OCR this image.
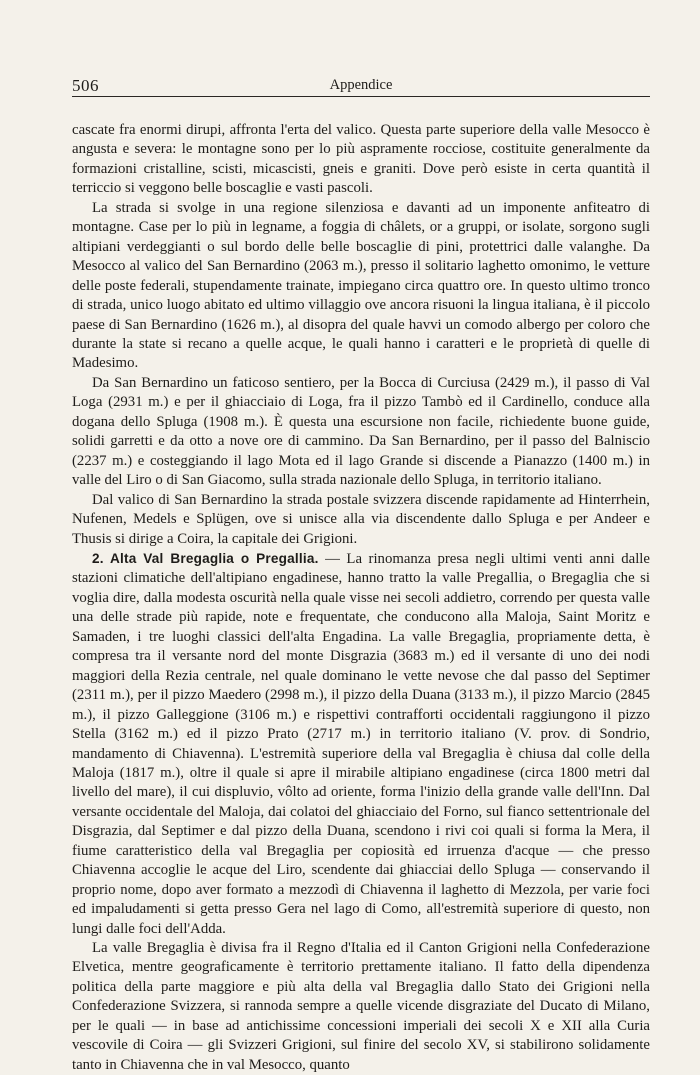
506	Appendice

cascate fra enormi dirupi, affronta l'erta del valico. Questa parte superiore della valle Mesocco è angusta e severa: le montagne sono per lo più aspramente rocciose, costituite generalmente da formazioni cristalline, scisti, micascisti, gneis e graniti. Dove però esiste in certa quantità il terriccio si veggono belle boscaglie e vasti pascoli.

La strada si svolge in una regione silenziosa e davanti ad un imponente anfiteatro di montagne. Case per lo più in legname, a foggia di châlets, or a gruppi, or isolate, sorgono sugli altipiani verdeggianti o sul bordo delle belle boscaglie di pini, protettrici dalle valanghe. Da Mesocco al valico del San Bernardino (2063 m.), presso il solitario laghetto omonimo, le vetture delle poste federali, stupendamente trainate, impiegano circa quattro ore. In questo ultimo tronco di strada, unico luogo abitato ed ultimo villaggio ove ancora risuoni la lingua italiana, è il piccolo paese di San Bernardino (1626 m.), al disopra del quale havvi un comodo albergo per coloro che durante la state si recano a quelle acque, le quali hanno i caratteri e le proprietà di quelle di Madesimo.

Da San Bernardino un faticoso sentiero, per la Bocca di Curciusa (2429 m.), il passo di Val Loga (2931 m.) e per il ghiacciaio di Loga, fra il pizzo Tambò ed il Cardinello, conduce alla dogana dello Spluga (1908 m.). È questa una escursione non facile, richiedente buone guide, solidi garretti e da otto a nove ore di cammino. Da San Bernardino, per il passo del Balniscio (2237 m.) e costeggiando il lago Mota ed il lago Grande si discende a Pianazzo (1400 m.) in valle del Liro o di San Giacomo, sulla strada nazionale dello Spluga, in territorio italiano.

Dal valico di San Bernardino la strada postale svizzera discende rapidamente ad Hinterrhein, Nufenen, Medels e Splügen, ove si unisce alla via discendente dallo Spluga e per Andeer e Thusis si dirige a Coira, la capitale dei Grigioni.

2. Alta Val Bregaglia o Pregallia. — La rinomanza presa negli ultimi venti anni dalle stazioni climatiche dell'altipiano engadinese, hanno tratto la valle Pregallia, o Bregaglia che si voglia dire, dalla modesta oscurità nella quale visse nei secoli addietro, correndo per questa valle una delle strade più rapide, note e frequentate, che conducono alla Maloja, Saint Moritz e Samaden, i tre luoghi classici dell'alta Engadina. La valle Bregaglia, propriamente detta, è compresa tra il versante nord del monte Disgrazia (3683 m.) ed il versante di uno dei nodi maggiori della Rezia centrale, nel quale dominano le vette nevose che dal passo del Septimer (2311 m.), per il pizzo Maedero (2998 m.), il pizzo della Duana (3133 m.), il pizzo Marcio (2845 m.), il pizzo Galleggione (3106 m.) e rispettivi contrafforti occidentali raggiungono il pizzo Stella (3162 m.) ed il pizzo Prato (2717 m.) in territorio italiano (V. prov. di Sondrio, mandamento di Chiavenna). L'estremità superiore della val Bregaglia è chiusa dal colle della Maloja (1817 m.), oltre il quale si apre il mirabile altipiano engadinese (circa 1800 metri dal livello del mare), il cui displuvio, vôlto ad oriente, forma l'inizio della grande valle dell'Inn. Dal versante occidentale del Maloja, dai colatoi del ghiacciaio del Forno, sul fianco settentrionale del Disgrazia, dal Septimer e dal pizzo della Duana, scendono i rivi coi quali si forma la Mera, il fiume caratteristico della val Bregaglia per copiosità ed irruenza d'acque — che presso Chiavenna accoglie le acque del Liro, scendente dai ghiacciai dello Spluga — conservando il proprio nome, dopo aver formato a mezzodì di Chiavenna il laghetto di Mezzola, per varie foci ed impaludamenti si getta presso Gera nel lago di Como, all'estremità superiore di questo, non lungi dalle foci dell'Adda.

La valle Bregaglia è divisa fra il Regno d'Italia ed il Canton Grigioni nella Confederazione Elvetica, mentre geograficamente è territorio prettamente italiano. Il fatto della dipendenza politica della parte maggiore e più alta della val Bregaglia dallo Stato dei Grigioni nella Confederazione Svizzera, si rannoda sempre a quelle vicende disgraziate del Ducato di Milano, per le quali — in base ad antichissime concessioni imperiali dei secoli X e XII alla Curia vescovile di Coira — gli Svizzeri Grigioni, sul finire del secolo XV, si stabilirono solidamente tanto in Chiavenna che in val Mesocco, quanto
